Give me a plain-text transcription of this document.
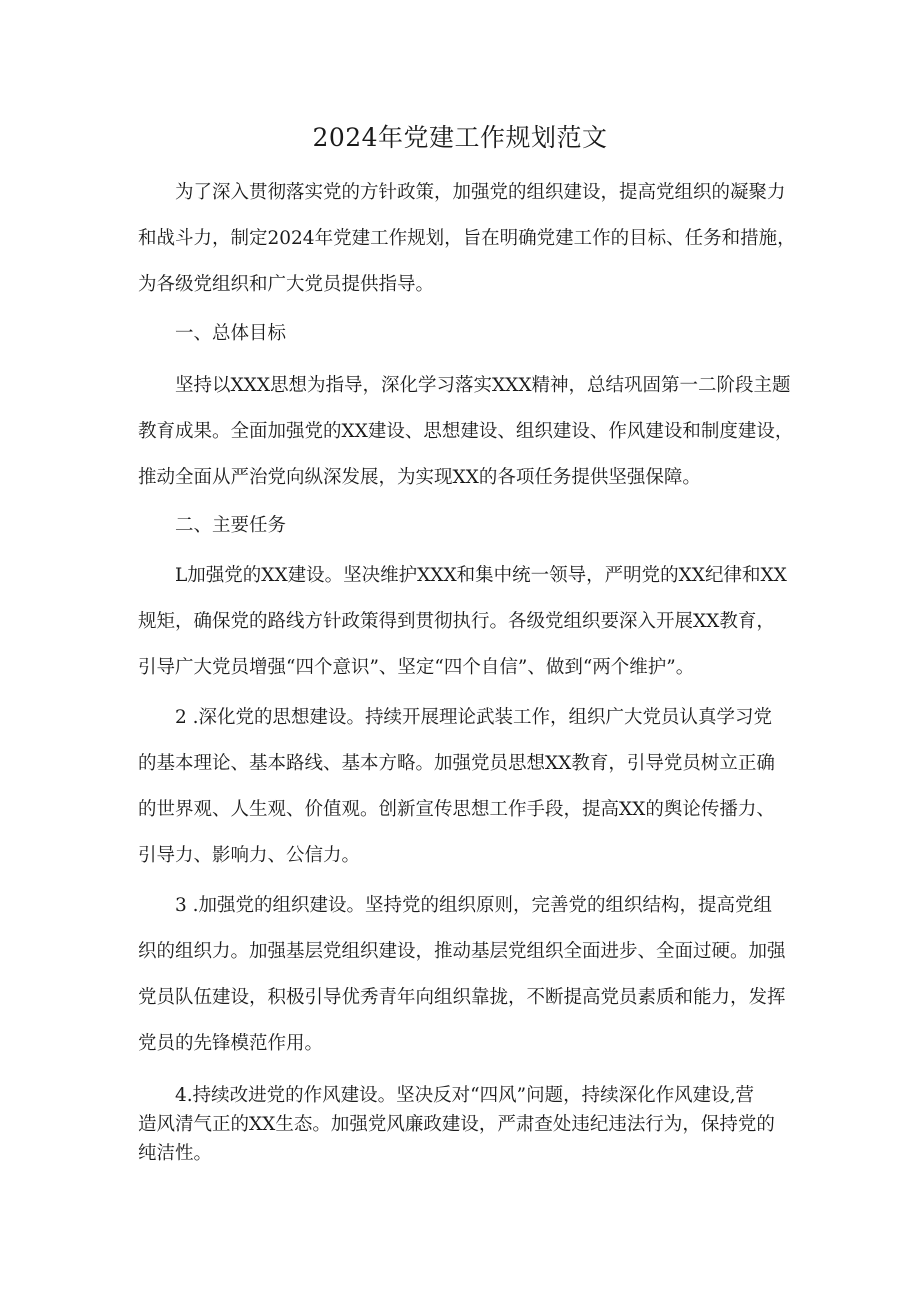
2024年党建工作规划范文

为了深入贯彻落实党的方针政策，加强党的组织建设，提高党组织的凝聚力
和战斗力，制定2024年党建工作规划，旨在明确党建工作的目标、任务和措施，
为各级党组织和广大党员提供指导。

一、总体目标

坚持以XXX思想为指导，深化学习落实XXX精神，总结巩固第一二阶段主题
教育成果。全面加强党的XX建设、思想建设、组织建设、作风建设和制度建设，
推动全面从严治党向纵深发展，为实现XX的各项任务提供坚强保障。

二、主要任务

L加强党的XX建设。坚决维护XXX和集中统一领导，严明党的XX纪律和XX
规矩，确保党的路线方针政策得到贯彻执行。各级党组织要深入开展XX教育，
引导广大党员增强“四个意识”、坚定“四个自信”、做到“两个维护”。

2 .深化党的思想建设。持续开展理论武装工作，组织广大党员认真学习党
的基本理论、基本路线、基本方略。加强党员思想XX教育，引导党员树立正确
的世界观、人生观、价值观。创新宣传思想工作手段，提高XX的舆论传播力、
引导力、影响力、公信力。

3 .加强党的组织建设。坚持党的组织原则，完善党的组织结构，提高党组
织的组织力。加强基层党组织建设，推动基层党组织全面进步、全面过硬。加强
党员队伍建设，积极引导优秀青年向组织靠拢，不断提高党员素质和能力，发挥
党员的先锋模范作用。

4.持续改进党的作风建设。坚决反对“四风”问题，持续深化作风建设,营
造风清气正的XX生态。加强党风廉政建设，严肃查处违纪违法行为，保持党的
纯洁性。
